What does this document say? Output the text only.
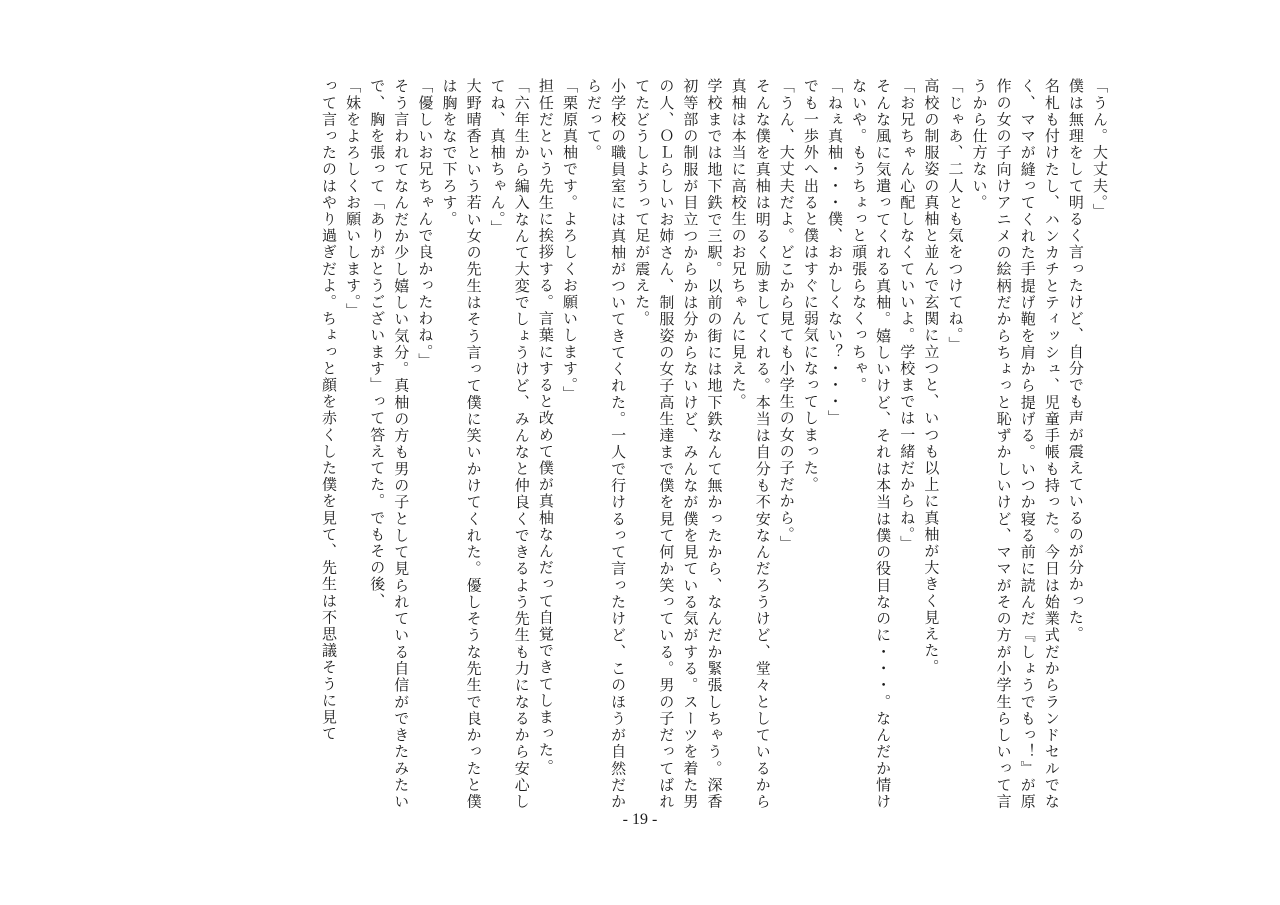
「うん。大丈夫。」

僕は無理をして明るく言ったけど、自分でも声が震えているのが分かった。

名札も付けたし、ハンカチとティッシュ、児童手帳も持った。今日は始業式だからランドセルでなく、ママが縫ってくれた手提げ鞄を肩から提げる。いつか寝る前に読んだ『しょうでもっ！』が原作の女の子向けアニメの絵柄だからちょっと恥ずかしいけど、ママがその方が小学生らしいって言うから仕方ない。

「じゃあ、二人とも気をつけてね。」

高校の制服姿の真柚と並んで玄関に立つと、いつも以上に真柚が大きく見えた。

「お兄ちゃん心配しなくていいよ。学校までは一緒だからね。」

そんな風に気遣ってくれる真柚。嬉しいけど、それは本当は僕の役目なのに・・・。なんだか情けないや。もうちょっと頑張らなくっちゃ。

「ねぇ真柚・・・僕、おかしくない？・・・」

でも一歩外へ出ると僕はすぐに弱気になってしまった。

「うん、大丈夫だよ。どこから見ても小学生の女の子だから。」

そんな僕を真柚は明るく励ましてくれる。本当は自分も不安なんだろうけど、堂々としているから真柚は本当に高校生のお兄ちゃんに見えた。

学校までは地下鉄で三駅。以前の街には地下鉄なんて無かったから、なんだか緊張しちゃう。深香初等部の制服が目立つからかは分からないけど、みんなが僕を見ている気がする。スーツを着た男の人、ＯＬらしいお姉さん、制服姿の女子高生達まで僕を見て何か笑っている。男の子だってばれてたどうしようって足が震えた。

小学校の職員室には真柚がついてきてくれた。一人で行けるって言ったけど、このほうが自然だからだって。

「栗原真柚です。よろしくお願いします。」

担任だという先生に挨拶する。言葉にすると改めて僕が真柚なんだって自覚できてしまった。

「六年生から編入なんて大変でしょうけど、みんなと仲良くできるよう先生も力になるから安心してね、真柚ちゃん。」

大野晴香という若い女の先生はそう言って僕に笑いかけてくれた。優しそうな先生で良かったと僕は胸をなで下ろす。

「優しいお兄ちゃんで良かったわね。」

そう言われてなんだか少し嬉しい気分。真柚の方も男の子として見られている自信ができたみたいで、胸を張って「ありがとうございます」って答えてた。でもその後、

「妹をよろしくお願いします。」

って言ったのはやり過ぎだよ。ちょっと顔を赤くした僕を見て、先生は不思議そうに見て

- 19 -
